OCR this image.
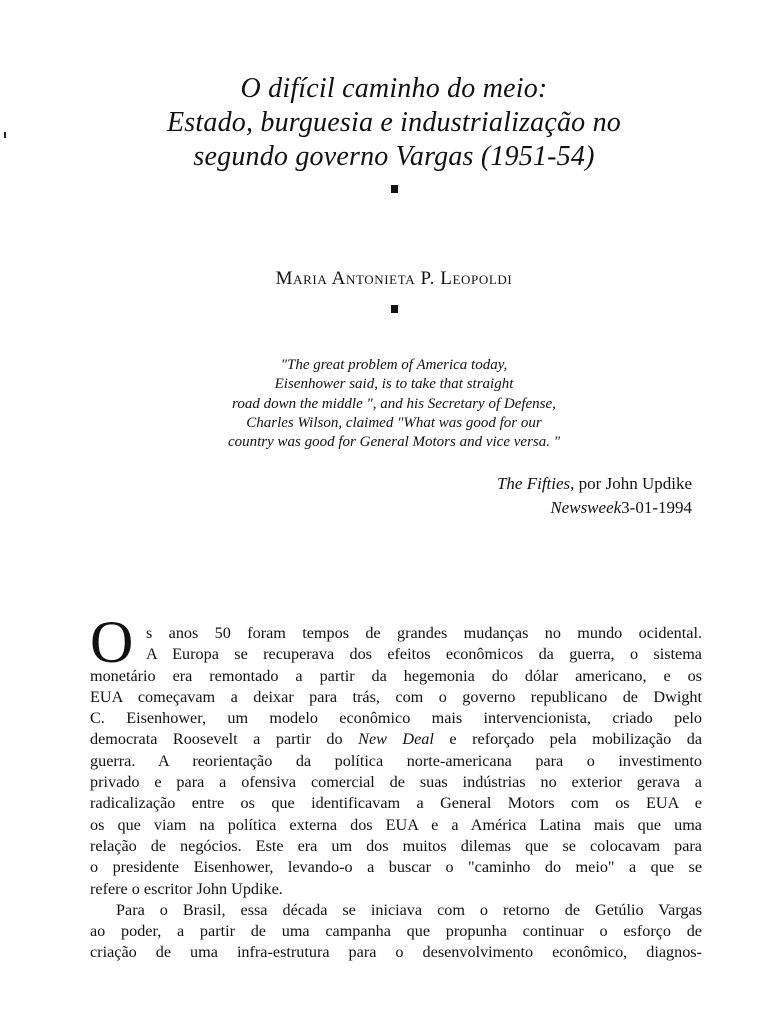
O difícil caminho do meio:
Estado, burguesia e industrialização no
segundo governo Vargas (1951-54)
Maria Antonieta P. Leopoldi
"The great problem of America today,
Eisenhower said, is to take that straight
road down the middle ", and his Secretary of Defense,
Charles Wilson, claimed "What was good for our
country was good for General Motors and vice versa. "
The Fifties, por John Updike
Newsweek3-01-1994
O s anos 50 foram tempos de grandes mudanças no mundo ocidental.
A Europa se recuperava dos efeitos econômicos da guerra, o sistema
monetário era remontado a partir da hegemonia do dólar americano, e os
EUA começavam a deixar para trás, com o governo republicano de Dwight
C. Eisenhower, um modelo econômico mais intervencionista, criado pelo
democrata Roosevelt a partir do New Deal e reforçado pela mobilização da
guerra. A reorientação da política norte-americana para o investimento
privado e para a ofensiva comercial de suas indústrias no exterior gerava a
radicalização entre os que identificavam a General Motors com os EUA e
os que viam na política externa dos EUA e a América Latina mais que uma
relação de negócios. Este era um dos muitos dilemas que se colocavam para
o presidente Eisenhower, levando-o a buscar o "caminho do meio" a que se
refere o escritor John Updike.
Para o Brasil, essa década se iniciava com o retorno de Getúlio Vargas
ao poder, a partir de uma campanha que propunha continuar o esforço de
criação de uma infra-estrutura para o desenvolvimento econômico, diagnos-
